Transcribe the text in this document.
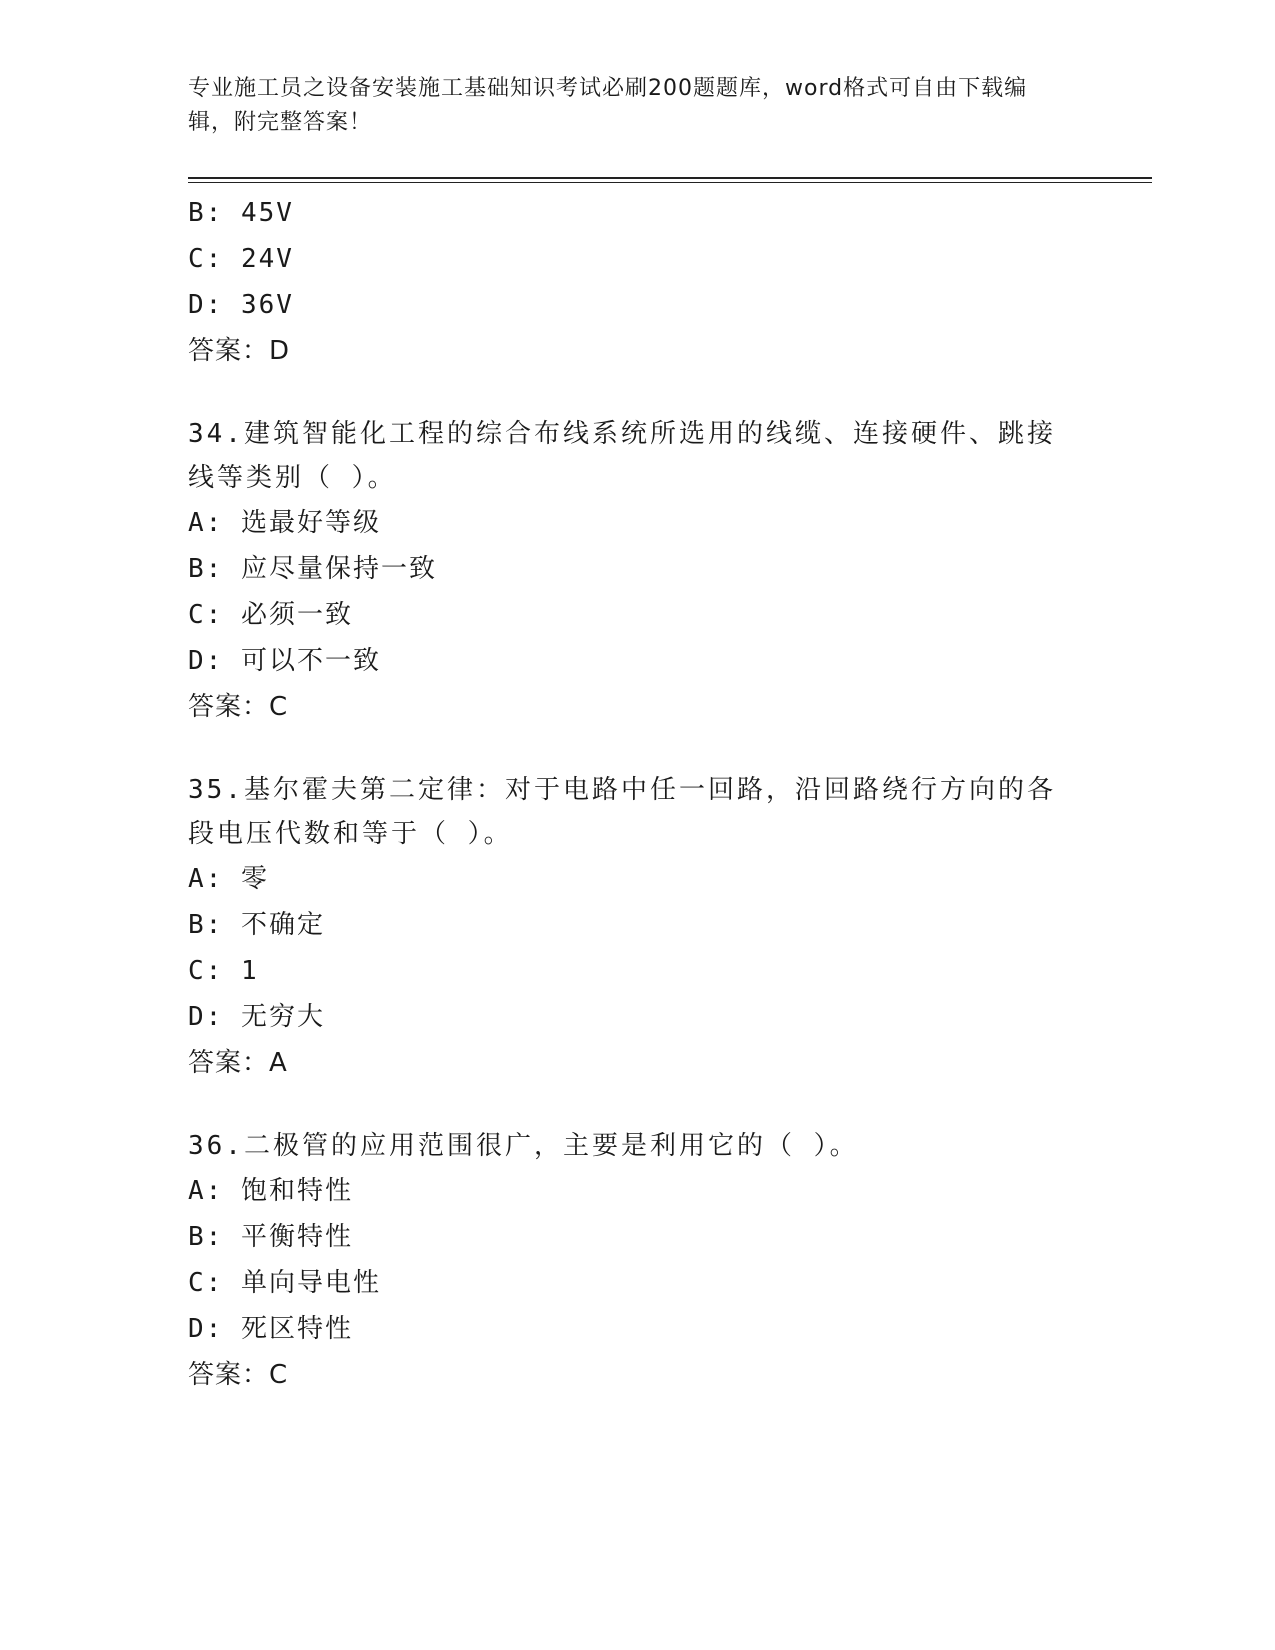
专业施工员之设备安装施工基础知识考试必刷200题题库，word格式可自由下载编辑，附完整答案！
B: 45V
C: 24V
D: 36V
答案：D
34.建筑智能化工程的综合布线系统所选用的线缆、连接硬件、跳接线等类别（ ）。
A: 选最好等级
B: 应尽量保持一致
C: 必须一致
D: 可以不一致
答案：C
35.基尔霍夫第二定律：对于电路中任一回路，沿回路绕行方向的各段电压代数和等于（ ）。
A: 零
B: 不确定
C: 1
D: 无穷大
答案：A
36.二极管的应用范围很广，主要是利用它的（ ）。
A: 饱和特性
B: 平衡特性
C: 单向导电性
D: 死区特性
答案：C
